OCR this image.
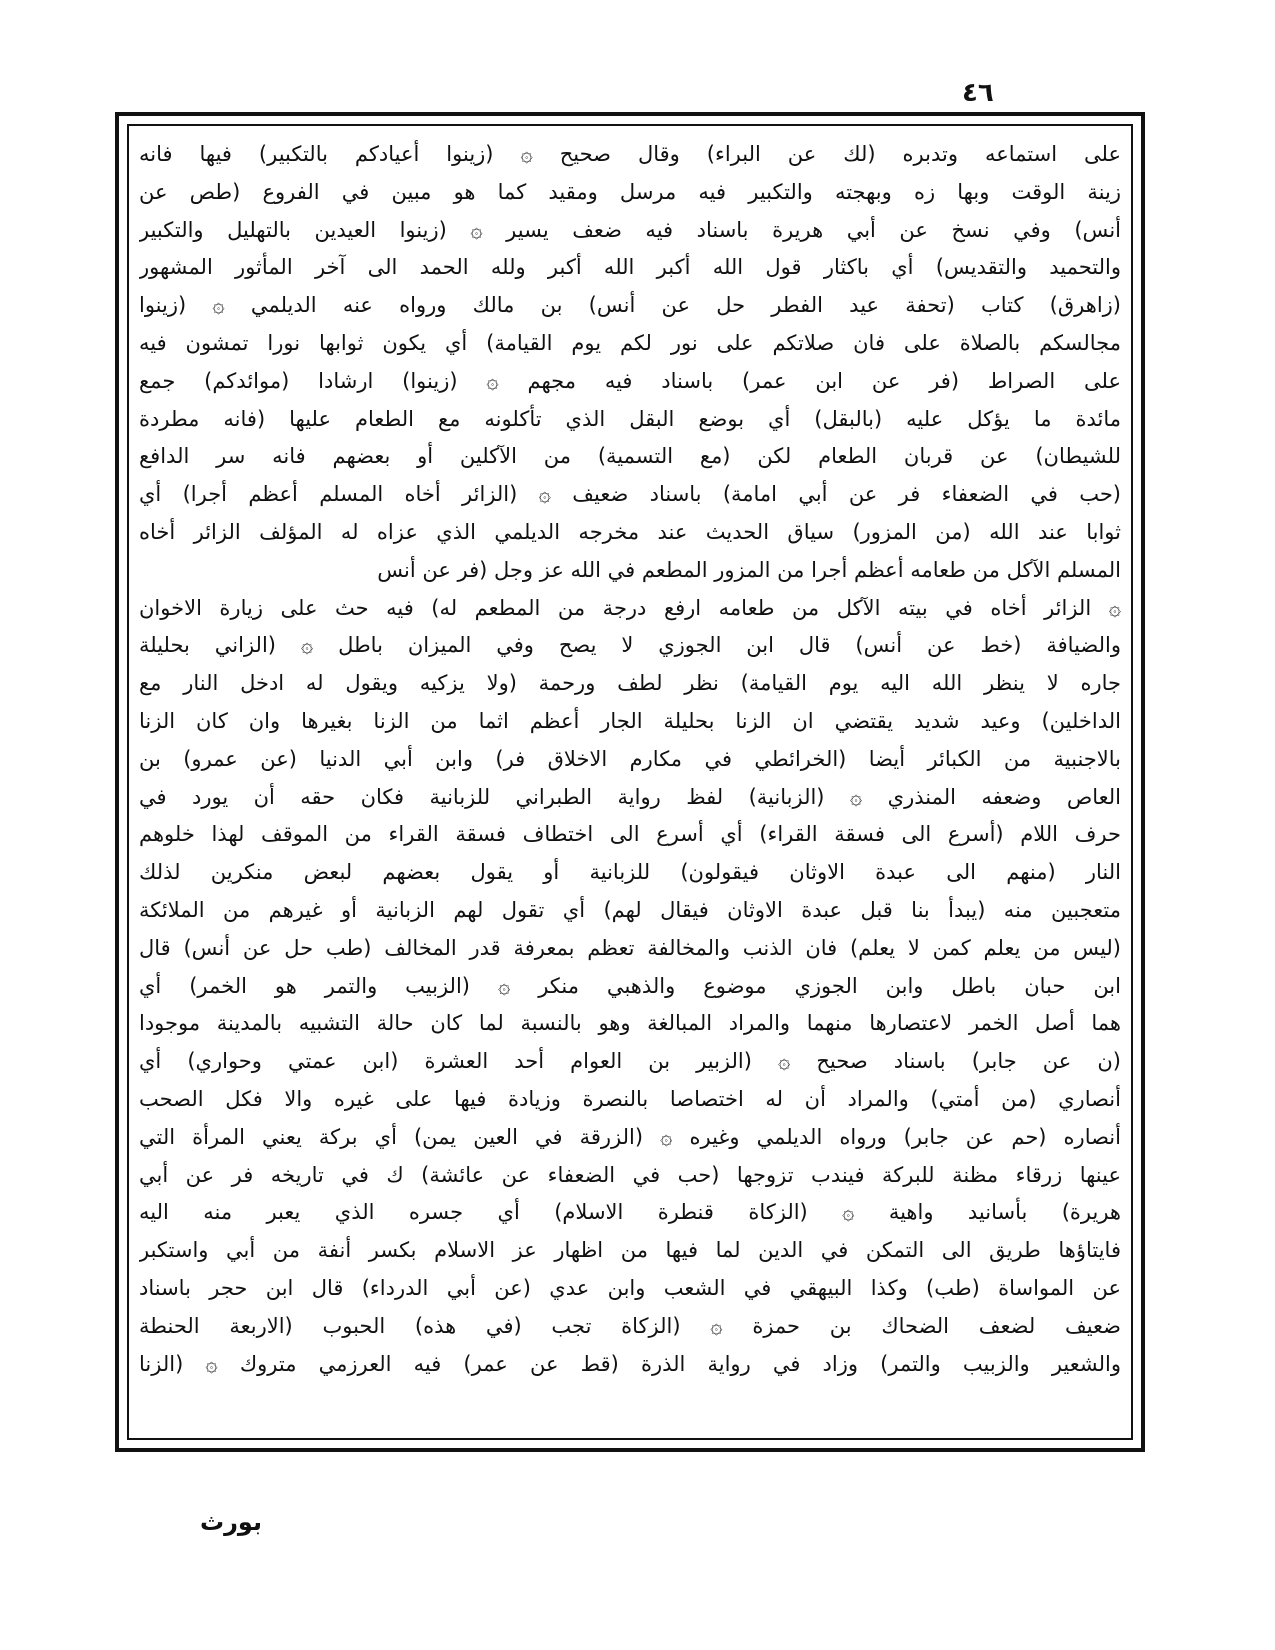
٤٦
على استماعه وتدبره (لك عن البراء) وقال صحيح ۞ (زينوا أعيادكم بالتكبير) فيها فانه
زينة الوقت وبها زه وبهجته والتكبير فيه مرسل ومقيد كما هو مبين في الفروع (طص عن
أنس) وفي نسخ عن أبي هريرة باسناد فيه ضعف يسير ۞ (زينوا العيدين بالتهليل والتكبير
والتحميد والتقديس) أي باكثار قول الله أكبر الله أكبر ولله الحمد الى آخر المأثور المشهور
(زاهرق) كتاب (تحفة عيد الفطر حل عن أنس) بن مالك ورواه عنه الديلمي ۞ (زينوا
مجالسكم بالصلاة على فان صلاتكم على نور لكم يوم القيامة) أي يكون ثوابها نورا تمشون فيه
على الصراط (فر عن ابن عمر) باسناد فيه مجهم ۞ (زينوا) ارشادا (موائدكم) جمع
مائدة ما يؤكل عليه (بالبقل) أي بوضع البقل الذي تأكلونه مع الطعام عليها (فانه مطردة
للشيطان) عن قربان الطعام لكن (مع التسمية) من الآكلين أو بعضهم فانه سر الدافع
(حب في الضعفاء فر عن أبي امامة) باسناد ضعيف ۞ (الزائر أخاه المسلم أعظم أجرا) أي
ثوابا عند الله (من المزور) سياق الحديث عند مخرجه الديلمي الذي عزاه له المؤلف الزائر أخاه
المسلم الآكل من طعامه أعظم أجرا من المزور المطعم في الله عز وجل (فر عن أنس
۞ الزائر أخاه في بيته الآكل من طعامه ارفع درجة من المطعم له) فيه حث على زيارة الاخوان
والضيافة (خط عن أنس) قال ابن الجوزي لا يصح وفي الميزان باطل ۞ (الزاني بحليلة
جاره لا ينظر الله اليه يوم القيامة) نظر لطف ورحمة (ولا يزكيه ويقول له ادخل النار مع
الداخلين) وعيد شديد يقتضي ان الزنا بحليلة الجار أعظم اثما من الزنا بغيرها وان كان الزنا
بالاجنبية من الكبائر أيضا (الخرائطي في مكارم الاخلاق فر) وابن أبي الدنيا (عن عمرو) بن
العاص وضعفه المنذري ۞ (الزبانية) لفظ رواية الطبراني للزبانية فكان حقه أن يورد في
حرف اللام (أسرع الى فسقة القراء) أي أسرع الى اختطاف فسقة القراء من الموقف لهذا خلوهم
النار (منهم الى عبدة الاوثان فيقولون) للزبانية أو يقول بعضهم لبعض منكرين لذلك
متعجبين منه (يبدأ بنا قبل عبدة الاوثان فيقال لهم) أي تقول لهم الزبانية أو غيرهم من الملائكة
(ليس من يعلم كمن لا يعلم) فان الذنب والمخالفة تعظم بمعرفة قدر المخالف (طب حل عن أنس) قال
ابن حبان باطل وابن الجوزي موضوع والذهبي منكر ۞ (الزبيب والتمر هو الخمر) أي
هما أصل الخمر لاعتصارها منهما والمراد المبالغة وهو بالنسبة لما كان حالة التشبيه بالمدينة موجودا
(ن عن جابر) باسناد صحيح ۞ (الزبير بن العوام أحد العشرة (ابن عمتي وحواري) أي
أنصاري (من أمتي) والمراد أن له اختصاصا بالنصرة وزيادة فيها على غيره والا فكل الصحب
أنصاره (حم عن جابر) ورواه الديلمي وغيره ۞ (الزرقة في العين يمن) أي بركة يعني المرأة التي
عينها زرقاء مظنة للبركة فيندب تزوجها (حب في الضعفاء عن عائشة) ك في تاريخه فر عن أبي
هريرة) بأسانيد واهية ۞ (الزكاة قنطرة الاسلام) أي جسره الذي يعبر منه اليه
فايتاؤها طريق الى التمكن في الدين لما فيها من اظهار عز الاسلام بكسر أنفة من أبي واستكبر
عن المواساة (طب) وكذا البيهقي في الشعب وابن عدي (عن أبي الدرداء) قال ابن حجر باسناد
ضعيف لضعف الضحاك بن حمزة ۞ (الزكاة تجب (في هذه) الحبوب (الاربعة الحنطة
والشعير والزبيب والتمر) وزاد في رواية الذرة (قط عن عمر) فيه العرزمي متروك ۞ (الزنا
بورث
